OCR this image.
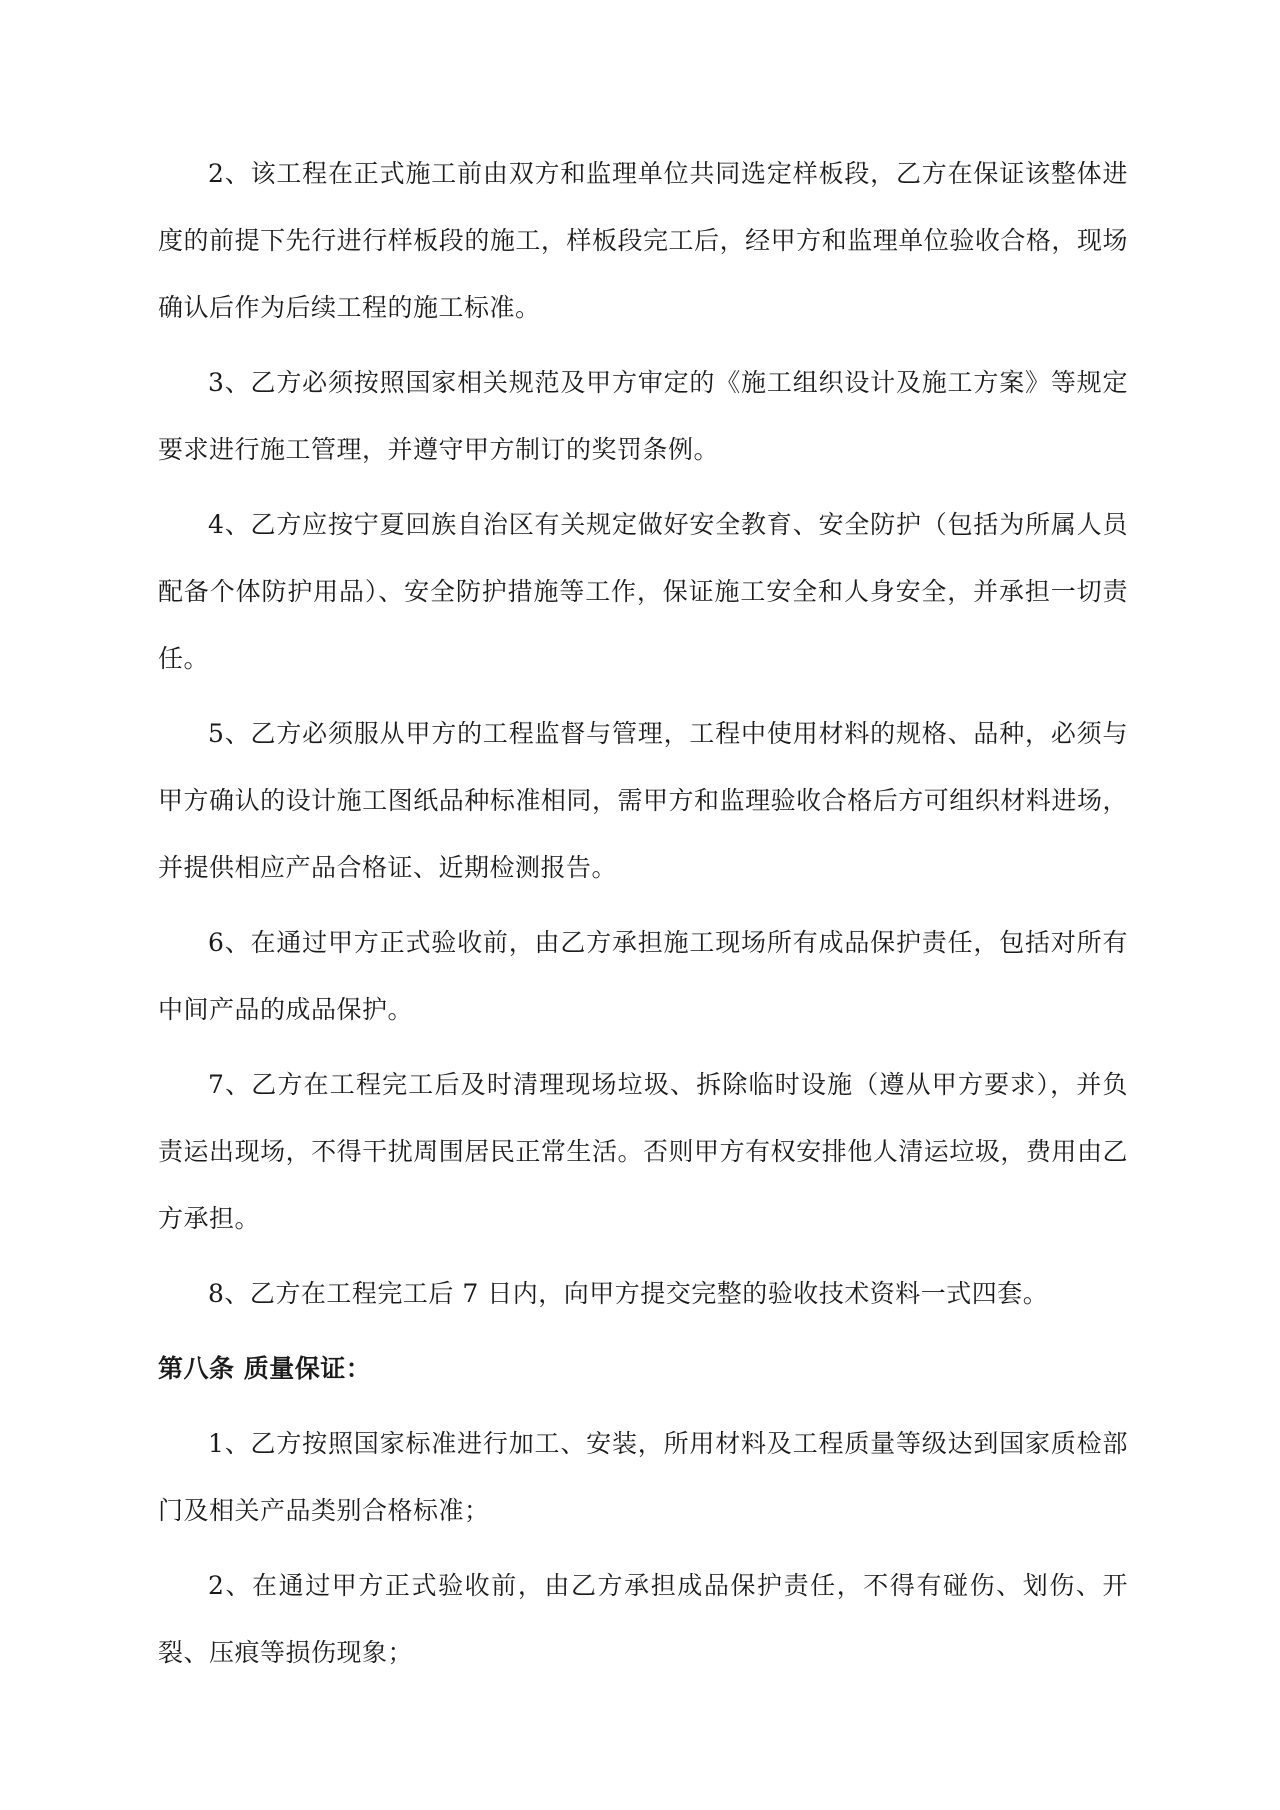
2、该工程在正式施工前由双方和监理单位共同选定样板段，乙方在保证该整体进度的前提下先行进行样板段的施工，样板段完工后，经甲方和监理单位验收合格，现场确认后作为后续工程的施工标准。

3、乙方必须按照国家相关规范及甲方审定的《施工组织设计及施工方案》等规定要求进行施工管理，并遵守甲方制订的奖罚条例。

4、乙方应按宁夏回族自治区有关规定做好安全教育、安全防护（包括为所属人员配备个体防护用品）、安全防护措施等工作，保证施工安全和人身安全，并承担一切责任。

5、乙方必须服从甲方的工程监督与管理，工程中使用材料的规格、品种，必须与甲方确认的设计施工图纸品种标准相同，需甲方和监理验收合格后方可组织材料进场，并提供相应产品合格证、近期检测报告。

6、在通过甲方正式验收前，由乙方承担施工现场所有成品保护责任，包括对所有中间产品的成品保护。

7、乙方在工程完工后及时清理现场垃圾、拆除临时设施（遵从甲方要求），并负责运出现场，不得干扰周围居民正常生活。否则甲方有权安排他人清运垃圾，费用由乙方承担。

8、乙方在工程完工后 7 日内，向甲方提交完整的验收技术资料一式四套。

第八条 质量保证：

1、乙方按照国家标准进行加工、安装，所用材料及工程质量等级达到国家质检部门及相关产品类别合格标准；

2、在通过甲方正式验收前，由乙方承担成品保护责任，不得有碰伤、划伤、开裂、压痕等损伤现象；
